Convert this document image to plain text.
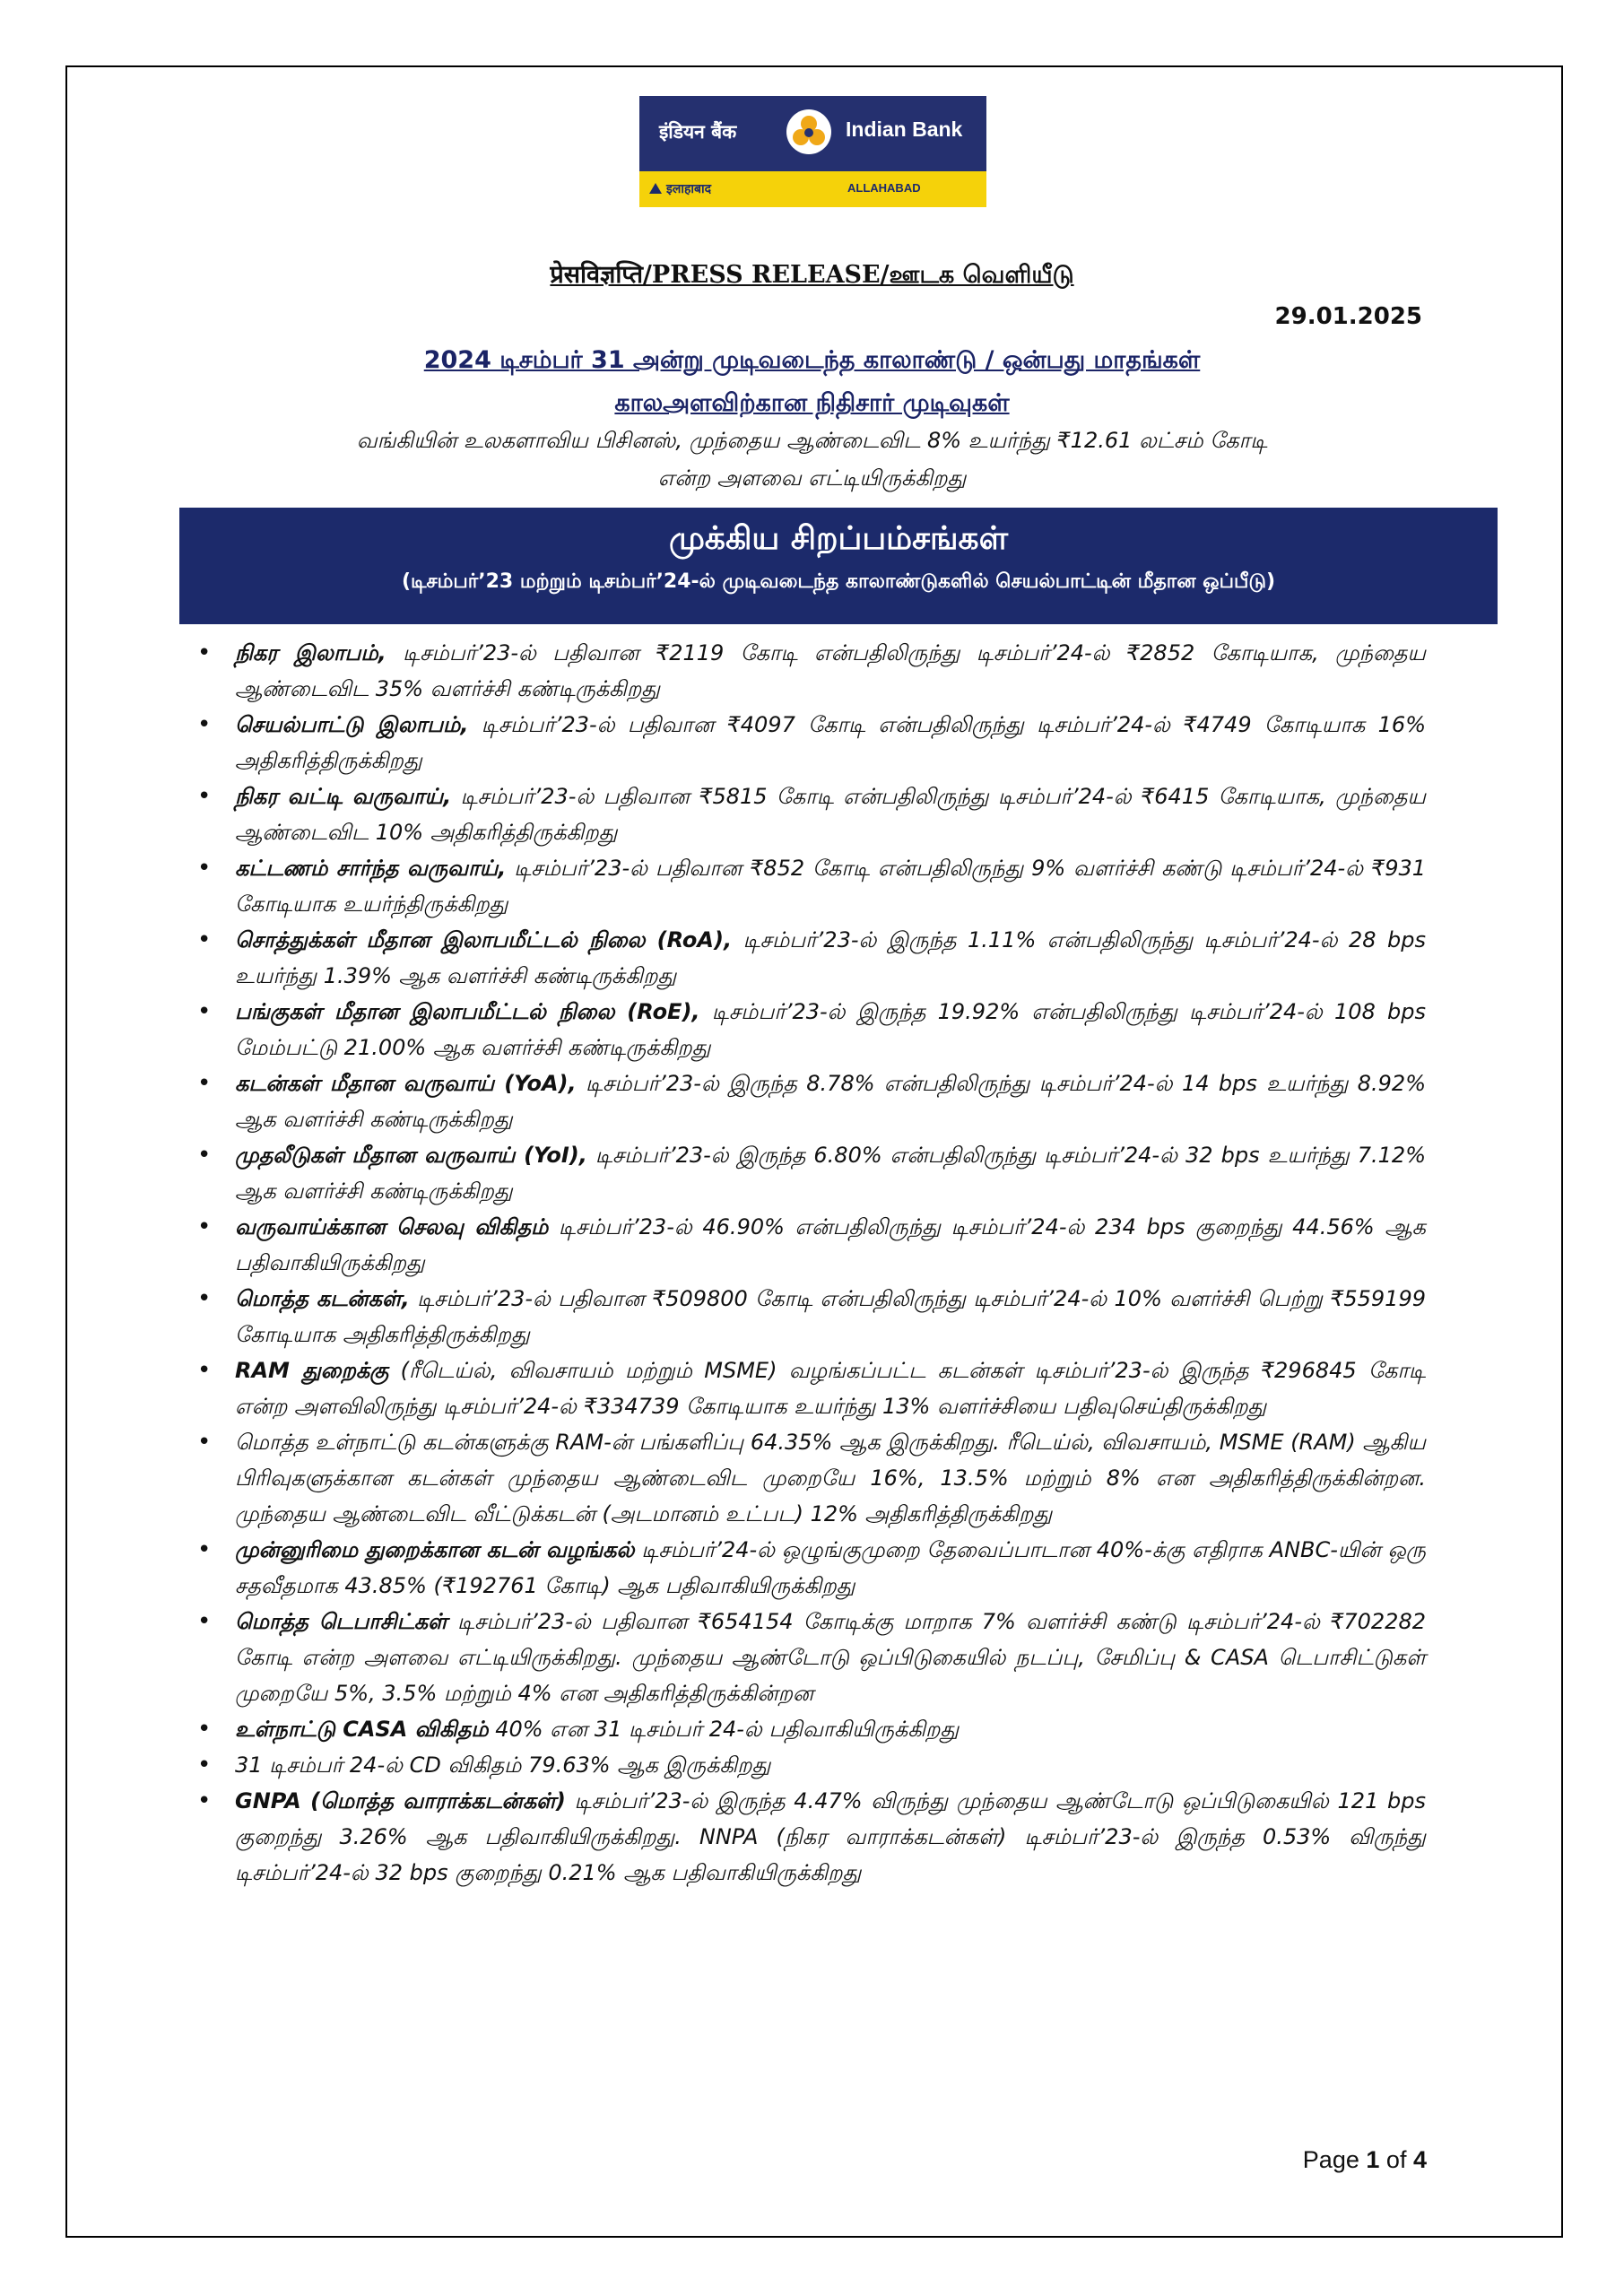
इंडियन बैंक	Indian Bank
इलाहाबाद	ALLAHABAD
प्रेसविज्ञप्ति/PRESS RELEASE/ஊடக வெளியீடு
29.01.2025
2024 டிசம்பர் 31 அன்று முடிவடைந்த காலாண்டு / ஒன்பது மாதங்கள்
காலஅளவிற்கான நிதிசார் முடிவுகள்
வங்கியின் உலகளாவிய பிசினஸ், முந்தைய ஆண்டைவிட 8% உயர்ந்து ₹12.61 லட்சம் கோடி
என்ற அளவை எட்டியிருக்கிறது
முக்கிய சிறப்பம்சங்கள்
(டிசம்பர்’23 மற்றும் டிசம்பர்’24-ல் முடிவடைந்த காலாண்டுகளில் செயல்பாட்டின் மீதான ஒப்பீடு)
• நிகர இலாபம், டிசம்பர்’23-ல் பதிவான ₹2119 கோடி என்பதிலிருந்து டிசம்பர்’24-ல் ₹2852 கோடியாக, முந்தைய ஆண்டைவிட 35% வளர்ச்சி கண்டிருக்கிறது
• செயல்பாட்டு இலாபம், டிசம்பர்’23-ல் பதிவான ₹4097 கோடி என்பதிலிருந்து டிசம்பர்’24-ல் ₹4749 கோடியாக 16% அதிகரித்திருக்கிறது
• நிகர வட்டி வருவாய், டிசம்பர்’23-ல் பதிவான ₹5815 கோடி என்பதிலிருந்து டிசம்பர்’24-ல் ₹6415 கோடியாக, முந்தைய ஆண்டைவிட 10% அதிகரித்திருக்கிறது
• கட்டணம் சார்ந்த வருவாய், டிசம்பர்’23-ல் பதிவான ₹852 கோடி என்பதிலிருந்து 9% வளர்ச்சி கண்டு டிசம்பர்’24-ல் ₹931 கோடியாக உயர்ந்திருக்கிறது
• சொத்துக்கள் மீதான இலாபமீட்டல் நிலை (RoA), டிசம்பர்’23-ல் இருந்த 1.11% என்பதிலிருந்து டிசம்பர்’24-ல் 28 bps உயர்ந்து 1.39% ஆக வளர்ச்சி கண்டிருக்கிறது
• பங்குகள் மீதான இலாபமீட்டல் நிலை (RoE), டிசம்பர்’23-ல் இருந்த 19.92% என்பதிலிருந்து டிசம்பர்’24-ல் 108 bps மேம்பட்டு 21.00% ஆக வளர்ச்சி கண்டிருக்கிறது
• கடன்கள் மீதான வருவாய் (YoA), டிசம்பர்’23-ல் இருந்த 8.78% என்பதிலிருந்து டிசம்பர்’24-ல் 14 bps உயர்ந்து 8.92% ஆக வளர்ச்சி கண்டிருக்கிறது
• முதலீடுகள் மீதான வருவாய் (YoI), டிசம்பர்’23-ல் இருந்த 6.80% என்பதிலிருந்து டிசம்பர்’24-ல் 32 bps உயர்ந்து 7.12% ஆக வளர்ச்சி கண்டிருக்கிறது
• வருவாய்க்கான செலவு விகிதம் டிசம்பர்’23-ல் 46.90% என்பதிலிருந்து டிசம்பர்’24-ல் 234 bps குறைந்து 44.56% ஆக பதிவாகியிருக்கிறது
• மொத்த கடன்கள், டிசம்பர்’23-ல் பதிவான ₹509800 கோடி என்பதிலிருந்து டிசம்பர்’24-ல் 10% வளர்ச்சி பெற்று ₹559199 கோடியாக அதிகரித்திருக்கிறது
• RAM துறைக்கு (ரீடெய்ல், விவசாயம் மற்றும் MSME) வழங்கப்பட்ட கடன்கள் டிசம்பர்’23-ல் இருந்த ₹296845 கோடி என்ற அளவிலிருந்து டிசம்பர்’24-ல் ₹334739 கோடியாக உயர்ந்து 13% வளர்ச்சியை பதிவுசெய்திருக்கிறது
• மொத்த உள்நாட்டு கடன்களுக்கு RAM-ன் பங்களிப்பு 64.35% ஆக இருக்கிறது. ரீடெய்ல், விவசாயம், MSME (RAM) ஆகிய பிரிவுகளுக்கான கடன்கள் முந்தைய ஆண்டைவிட முறையே 16%, 13.5% மற்றும் 8% என அதிகரித்திருக்கின்றன. முந்தைய ஆண்டைவிட வீட்டுக்கடன் (அடமானம் உட்பட) 12% அதிகரித்திருக்கிறது
• முன்னுரிமை துறைக்கான கடன் வழங்கல் டிசம்பர்’24-ல் ஒழுங்குமுறை தேவைப்பாடான 40%-க்கு எதிராக ANBC-யின் ஒரு சதவீதமாக 43.85% (₹192761 கோடி) ஆக பதிவாகியிருக்கிறது
• மொத்த டெபாசிட்கள் டிசம்பர்’23-ல் பதிவான ₹654154 கோடிக்கு மாறாக 7% வளர்ச்சி கண்டு டிசம்பர்’24-ல் ₹702282 கோடி என்ற அளவை எட்டியிருக்கிறது. முந்தைய ஆண்டோடு ஒப்பிடுகையில் நடப்பு, சேமிப்பு & CASA டெபாசிட்டுகள் முறையே 5%, 3.5% மற்றும் 4% என அதிகரித்திருக்கின்றன
• உள்நாட்டு CASA விகிதம் 40% என 31 டிசம்பர் 24-ல் பதிவாகியிருக்கிறது
• 31 டிசம்பர் 24-ல் CD விகிதம் 79.63% ஆக இருக்கிறது
• GNPA (மொத்த வாராக்கடன்கள்) டிசம்பர்’23-ல் இருந்த 4.47% விருந்து முந்தைய ஆண்டோடு ஒப்பிடுகையில் 121 bps குறைந்து 3.26% ஆக பதிவாகியிருக்கிறது. NNPA (நிகர வாராக்கடன்கள்) டிசம்பர்’23-ல் இருந்த 0.53% விருந்து டிசம்பர்’24-ல் 32 bps குறைந்து 0.21% ஆக பதிவாகியிருக்கிறது
Page 1 of 4
